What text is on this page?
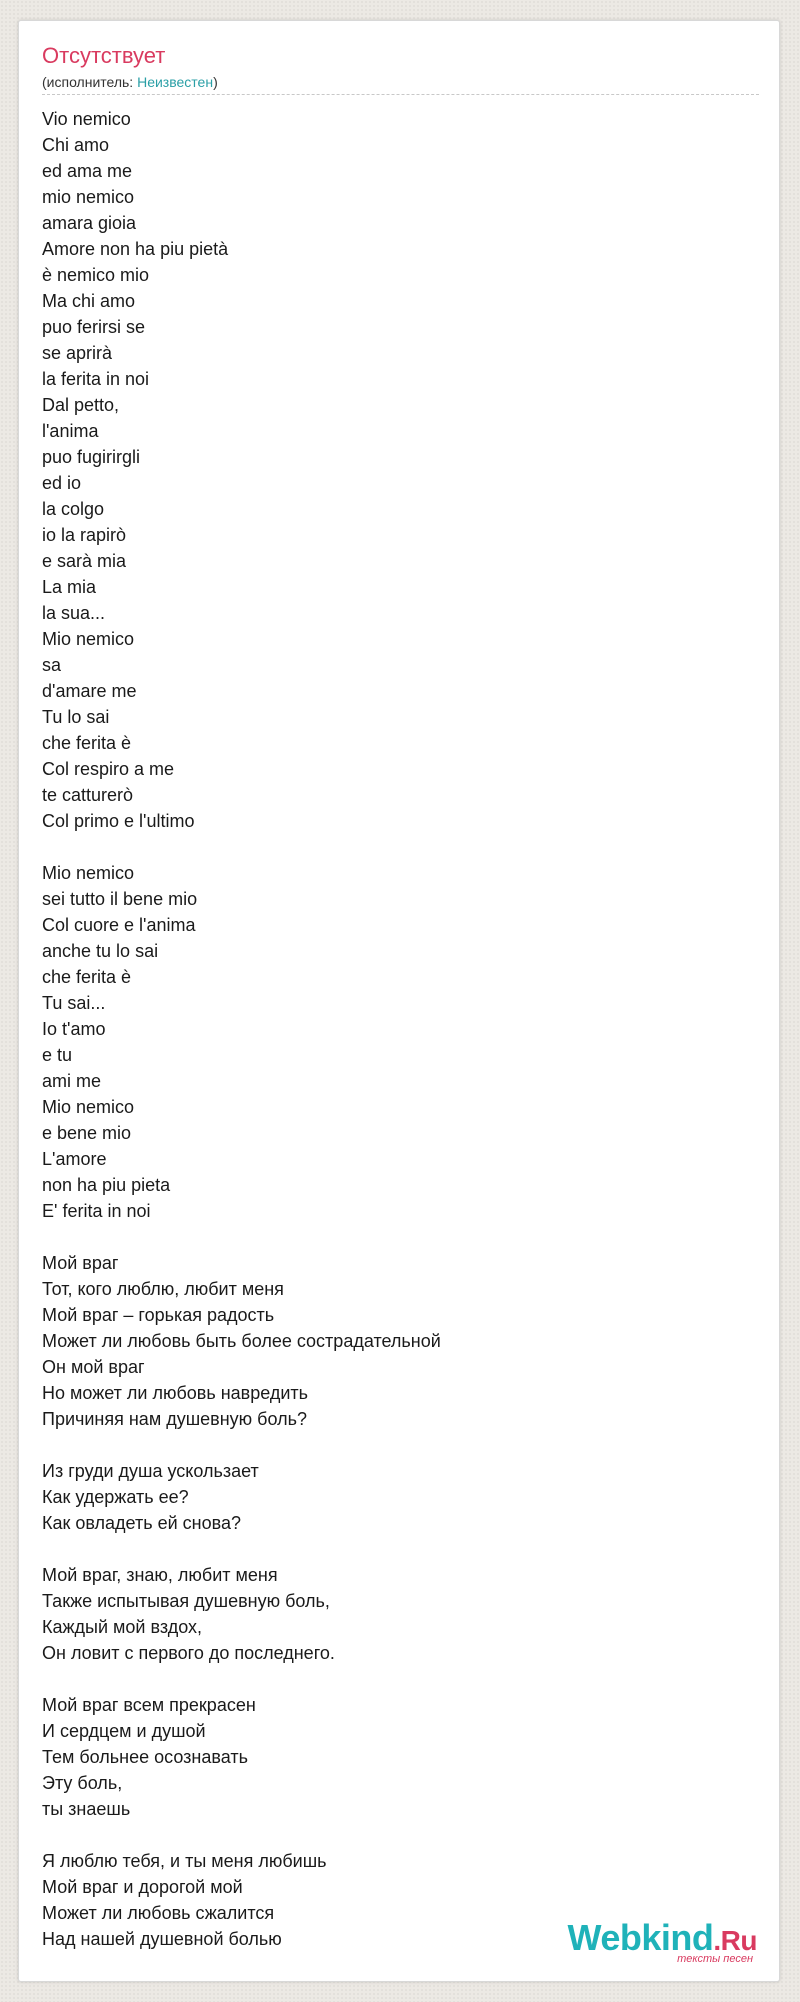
Отсутствует
(исполнитель: Неизвестен)
Vio nemico
Chi amo
ed ama me
mio nemico
amara gioia
Amore non ha piu pietà
è nemico mio
Ma chi amo
puo ferirsi se
se aprirà
la ferita in noi
Dal petto,
l'anima
puo fugirirgli
ed io
la colgo
io la rapirò
e sarà mia
La mia
la sua...
Mio nemico
sa
d'amare me
Tu lo sai
che ferita è
Col respiro a me
te catturerò
Col primo e l'ultimo
Mio nemico
sei tutto il bene mio
Col cuore e l'anima
anche tu lo sai
che ferita è
Tu sai...
Io t'amo
e tu
ami me
Mio nemico
e bene mio
L'amore
non ha piu pieta
E' ferita in noi
Мой враг
Тот, кого люблю, любит меня
Мой враг – горькая радость
Может ли любовь быть более сострадательной
Он мой враг
Но может ли любовь навредить
Причиняя нам душевную боль?
Из груди душа ускользает
Как удержать ее?
Как овладеть ей снова?
Мой враг, знаю, любит меня
Также испытывая душевную боль,
Каждый мой вздох,
Он ловит с первого до последнего.
Мой враг всем прекрасен
И сердцем и душой
Тем больнее осознавать
Эту боль,
ты знаешь
Я люблю тебя, и ты меня любишь
Мой враг и дорогой мой
Может ли любовь сжалится
Над нашей душевной болью	Webkind.Ru
тексты песен
